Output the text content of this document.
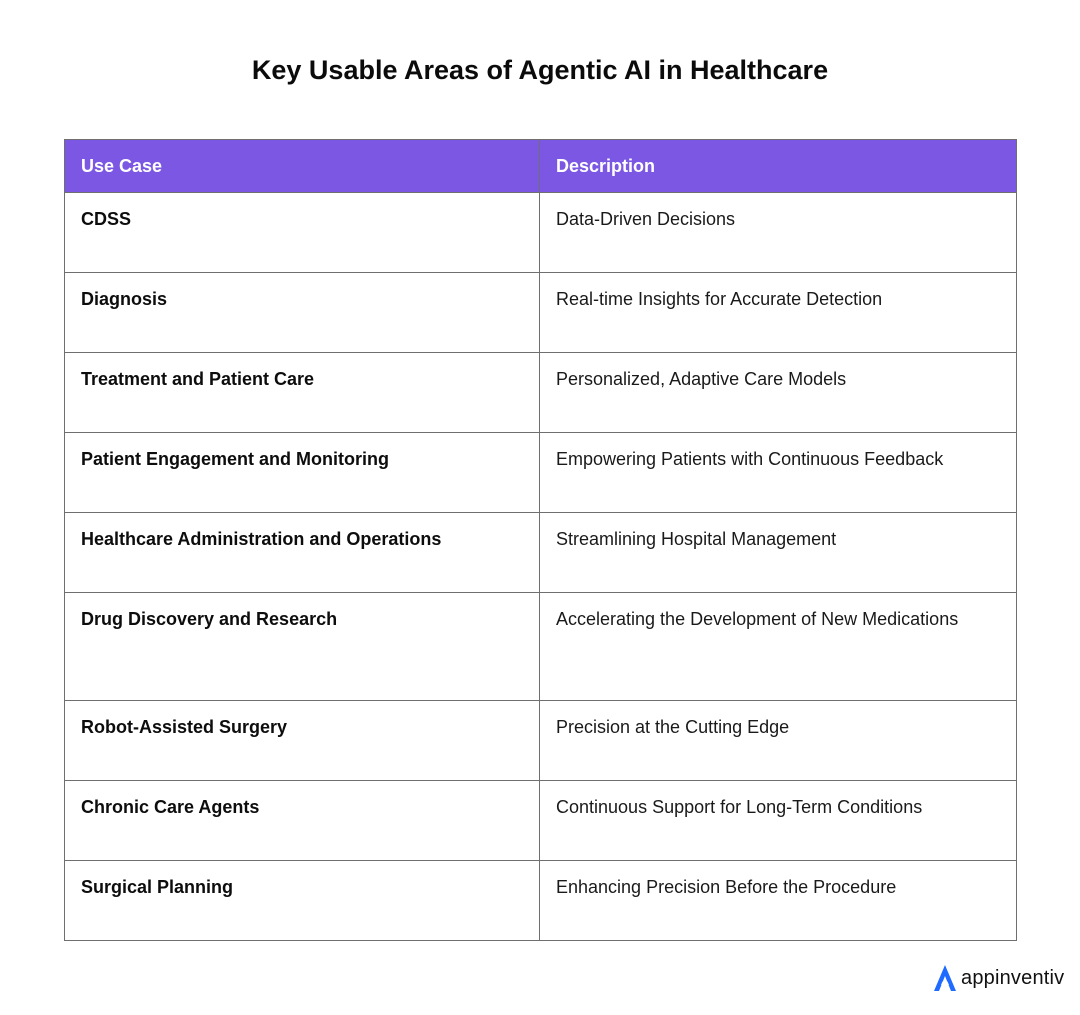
Key Usable Areas of Agentic AI in Healthcare
Use Case	Description
CDSS	Data-Driven Decisions
Diagnosis	Real-time Insights for Accurate Detection
Treatment and Patient Care	Personalized, Adaptive Care Models
Patient Engagement and Monitoring	Empowering Patients with Continuous Feedback
Healthcare Administration and Operations	Streamlining Hospital Management
Drug Discovery and Research	Accelerating the Development of New Medications
Robot-Assisted Surgery	Precision at the Cutting Edge
Chronic Care Agents	Continuous Support for Long-Term Conditions
Surgical Planning	Enhancing Precision Before the Procedure
appinventiv
